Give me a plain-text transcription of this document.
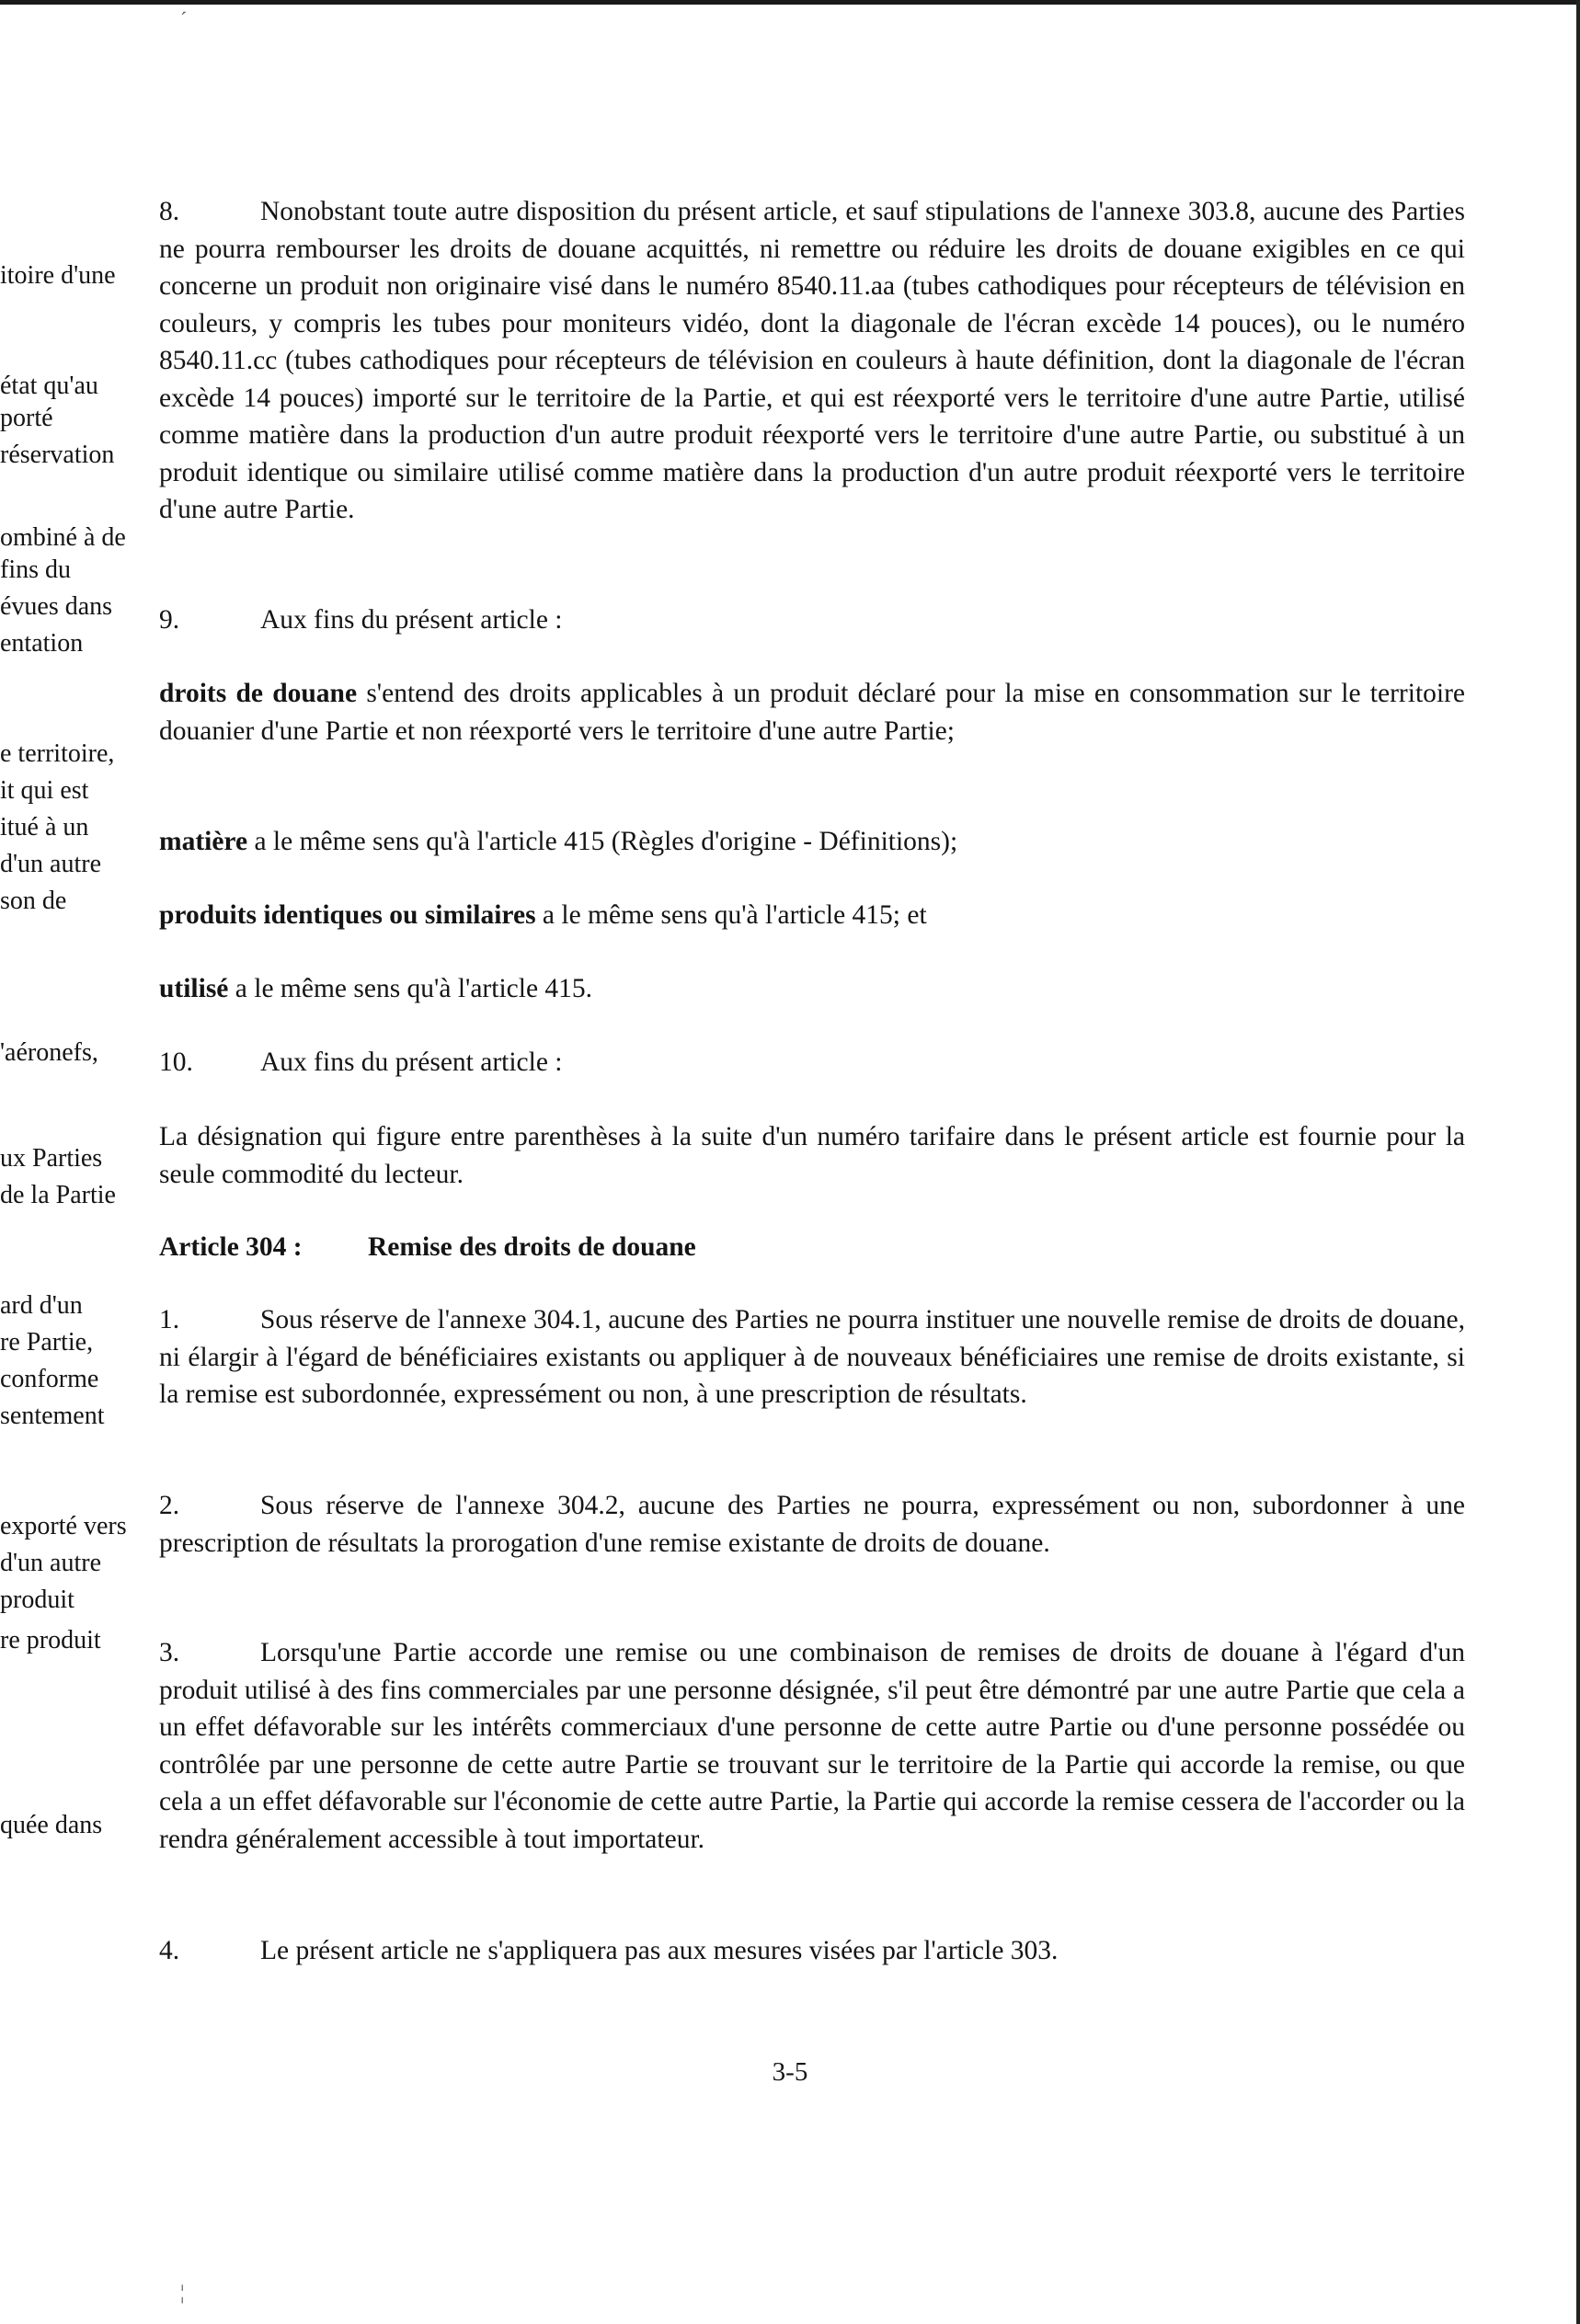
ˊ
¦
itoire d'une
état qu'au
porté
réservation
ombiné à de
fins du
évues dans
entation
e territoire,
it qui est
itué à un
d'un autre
son de
'aéronefs,
ux Parties
de la Partie
ard d'un
re Partie,
conforme
sentement
exporté vers
d'un autre
produit
re produit
quée dans

8.	Nonobstant toute autre disposition du présent article, et sauf stipulations de l'annexe 303.8, aucune des Parties ne pourra rembourser les droits de douane acquittés, ni remettre ou réduire les droits de douane exigibles en ce qui concerne un produit non originaire visé dans le numéro 8540.11.aa (tubes cathodiques pour récepteurs de télévision en couleurs, y compris les tubes pour moniteurs vidéo, dont la diagonale de l'écran excède 14 pouces), ou le numéro 8540.11.cc (tubes cathodiques pour récepteurs de télévision en couleurs à haute définition, dont la diagonale de l'écran excède 14 pouces) importé sur le territoire de la Partie, et qui est réexporté vers le territoire d'une autre Partie, utilisé comme matière dans la production d'un autre produit réexporté vers le territoire d'une autre Partie, ou substitué à un produit identique ou similaire utilisé comme matière dans la production d'un autre produit réexporté vers le territoire d'une autre Partie.

9.	Aux fins du présent article :

droits de douane s'entend des droits applicables à un produit déclaré pour la mise en consommation sur le territoire douanier d'une Partie et non réexporté vers le territoire d'une autre Partie;

matière a le même sens qu'à l'article 415 (Règles d'origine - Définitions);

produits identiques ou similaires a le même sens qu'à l'article 415; et

utilisé a le même sens qu'à l'article 415.

10. Aux fins du présent article :

La désignation qui figure entre parenthèses à la suite d'un numéro tarifaire dans le présent article est fournie pour la seule commodité du lecteur.

Article 304 : Remise des droits de douane

1.	Sous réserve de l'annexe 304.1, aucune des Parties ne pourra instituer une nouvelle remise de droits de douane, ni élargir à l'égard de bénéficiaires existants ou appliquer à de nouveaux bénéficiaires une remise de droits existante, si la remise est subordonnée, expressément ou non, à une prescription de résultats.

2.	Sous réserve de l'annexe 304.2, aucune des Parties ne pourra, expressément ou non, subordonner à une prescription de résultats la prorogation d'une remise existante de droits de douane.

3.	Lorsqu'une Partie accorde une remise ou une combinaison de remises de droits de douane à l'égard d'un produit utilisé à des fins commerciales par une personne désignée, s'il peut être démontré par une autre Partie que cela a un effet défavorable sur les intérêts commerciaux d'une personne de cette autre Partie ou d'une personne possédée ou contrôlée par une personne de cette autre Partie se trouvant sur le territoire de la Partie qui accorde la remise, ou que cela a un effet défavorable sur l'économie de cette autre Partie, la Partie qui accorde la remise cessera de l'accorder ou la rendra généralement accessible à tout importateur.

4.	Le présent article ne s'appliquera pas aux mesures visées par l'article 303.

3-5
